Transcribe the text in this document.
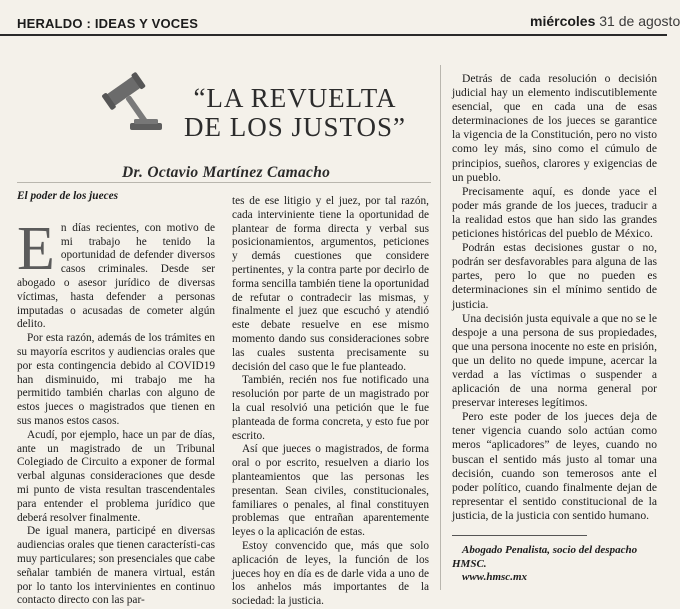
HERALDO : IDEAS Y VOCES	miércoles 31 de agosto
“LA REVUELTA
DE LOS JUSTOS”
Dr. Octavio Martínez Camacho
El poder de los jueces
E n días recientes, con motivo de mi trabajo he tenido la oportunidad de defender diversos casos criminales. Desde ser abogado o asesor jurídico de diversas víctimas, hasta defender a personas imputadas o acusadas de cometer algún delito.

Por esta razón, además de los trámites en su mayoría escritos y audiencias orales que por esta contingencia debido al COVID19 han disminuido, mi trabajo me ha permitido también charlas con alguno de estos jueces o magistrados que tienen en sus manos estos casos.

Acudí, por ejemplo, hace un par de días, ante un magistrado de un Tribunal Colegiado de Circuito a exponer de formal verbal algunas consideraciones que desde mi punto de vista resultan trascendentales para entender el problema jurídico que deberá resolver finalmente.

De igual manera, participé en diversas audiencias orales que tienen característi-cas muy particulares; son presenciales que cabe señalar también de manera virtual, están por lo tanto los intervinientes en continuo contacto directo con las par-

tes de ese litigio y el juez, por tal razón, cada interviniente tiene la oportunidad de plantear de forma directa y verbal sus posicionamientos, argumentos, peticiones y demás cuestiones que considere pertinentes, y la contra parte por decirlo de forma sencilla también tiene la oportunidad de refutar o contradecir las mismas, y finalmente el juez que escuchó y atendió este debate resuelve en ese mismo momento dando sus consideraciones sobre las cuales sustenta precisamente su decisión del caso que le fue planteado.

También, recién nos fue notificado una resolución por parte de un magistrado por la cual resolvió una petición que le fue planteada de forma concreta, y esto fue por escrito.

Así que jueces o magistrados, de forma oral o por escrito, resuelven a diario los planteamientos que las personas les presentan. Sean civiles, constitucionales, familiares o penales, al final constituyen problemas que entrañan aparentemente leyes o la aplicación de estas.

Estoy convencido que, más que solo aplicación de leyes, la función de los jueces hoy en día es de darle vida a uno de los anhelos más importantes de la sociedad: la justicia.

Detrás de cada resolución o decisión judicial hay un elemento indiscutiblemente esencial, que en cada una de esas determinaciones de los jueces se garantice la vigencia de la Constitución, pero no visto como ley más, sino como el cúmulo de principios, sueños, clarores y exigencias de un pueblo.

Precisamente aquí, es donde yace el poder más grande de los jueces, traducir a la realidad estos que han sido las grandes peticiones históricas del pueblo de México.

Podrán estas decisiones gustar o no, podrán ser desfavorables para alguna de las partes, pero lo que no pueden es determinaciones sin el mínimo sentido de justicia.

Una decisión justa equivale a que no se le despoje a una persona de sus propiedades, que una persona inocente no este en prisión, que un delito no quede impune, acercar la verdad a las víctimas o suspender a aplicación de una norma general por preservar intereses legítimos.

Pero este poder de los jueces deja de tener vigencia cuando solo actúan como meros “aplicadores” de leyes, cuando no buscan el sentido más justo al tomar una decisión, cuando son temerosos ante el poder político, cuando finalmente dejan de representar el sentido constitucional de la justicia, de la justicia con sentido humano.

Abogado Penalista, socio del despacho HMSC.

www.hmsc.mx
